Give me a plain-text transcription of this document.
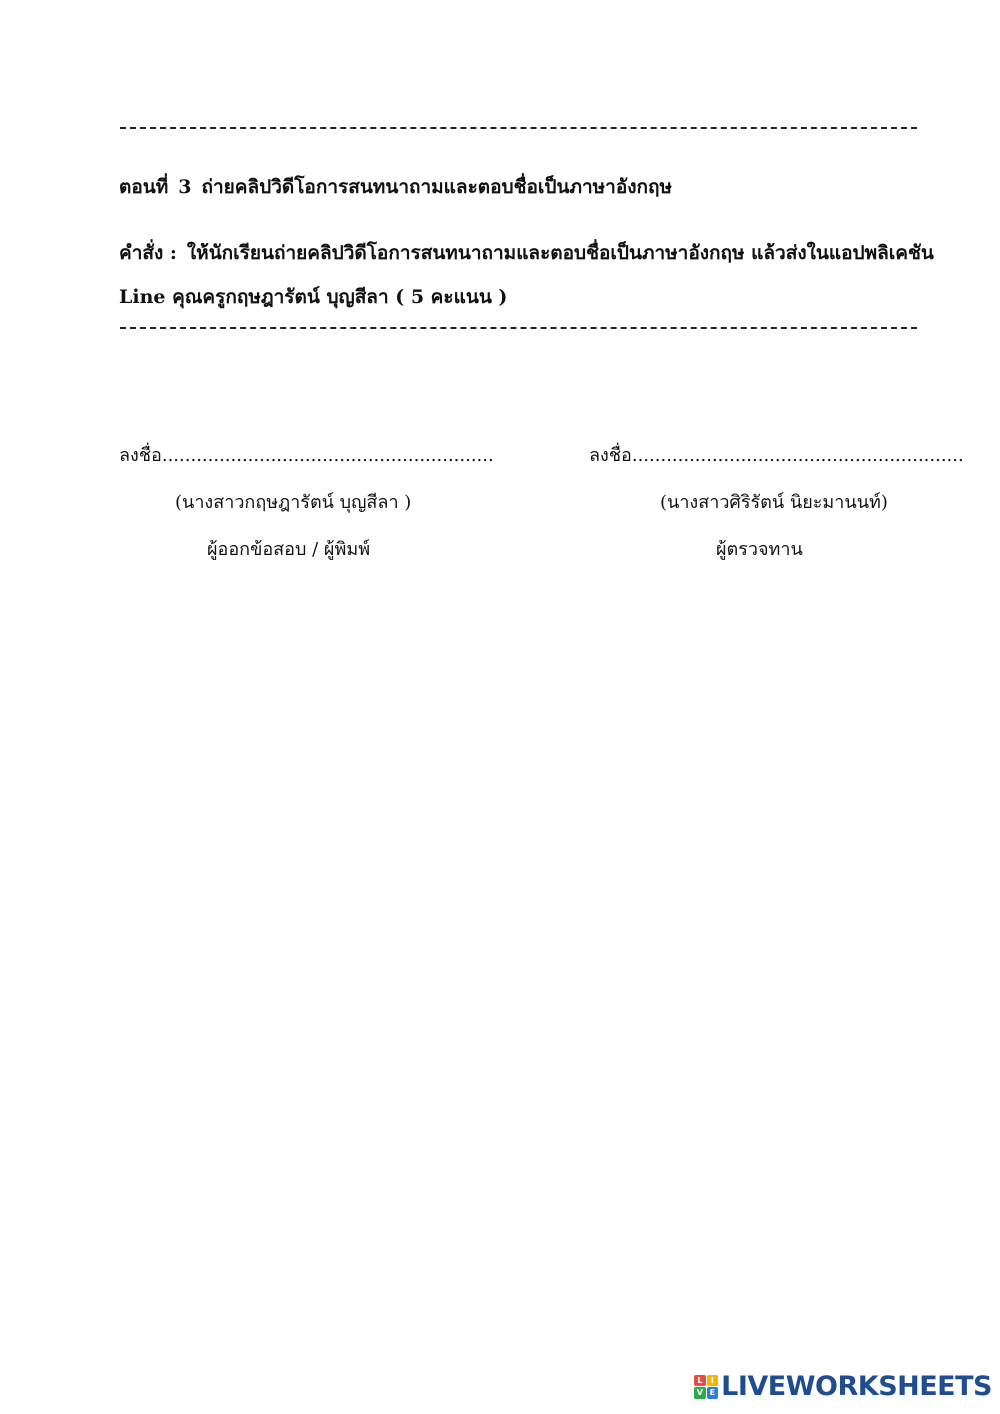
ตอนที่ 3 ถ่ายคลิปวิดีโอการสนทนาถามและตอบชื่อเป็นภาษาอังกฤษ
คำสั่ง : ให้นักเรียนถ่ายคลิปวิดีโอการสนทนาถามและตอบชื่อเป็นภาษาอังกฤษ แล้วส่งในแอปพลิเคชัน
Line คุณครูกฤษฎารัตน์ บุญสีลา ( 5 คะแนน )
ลงชื่อ..........................................................
(นางสาวกฤษฎารัตน์ บุญสีลา )
ผู้ออกข้อสอบ / ผู้พิมพ์
ลงชื่อ..........................................................
(นางสาวศิริรัตน์ นิยะมานนท์)
ผู้ตรวจทาน
L	I
V E LIVEWORKSHEETS
